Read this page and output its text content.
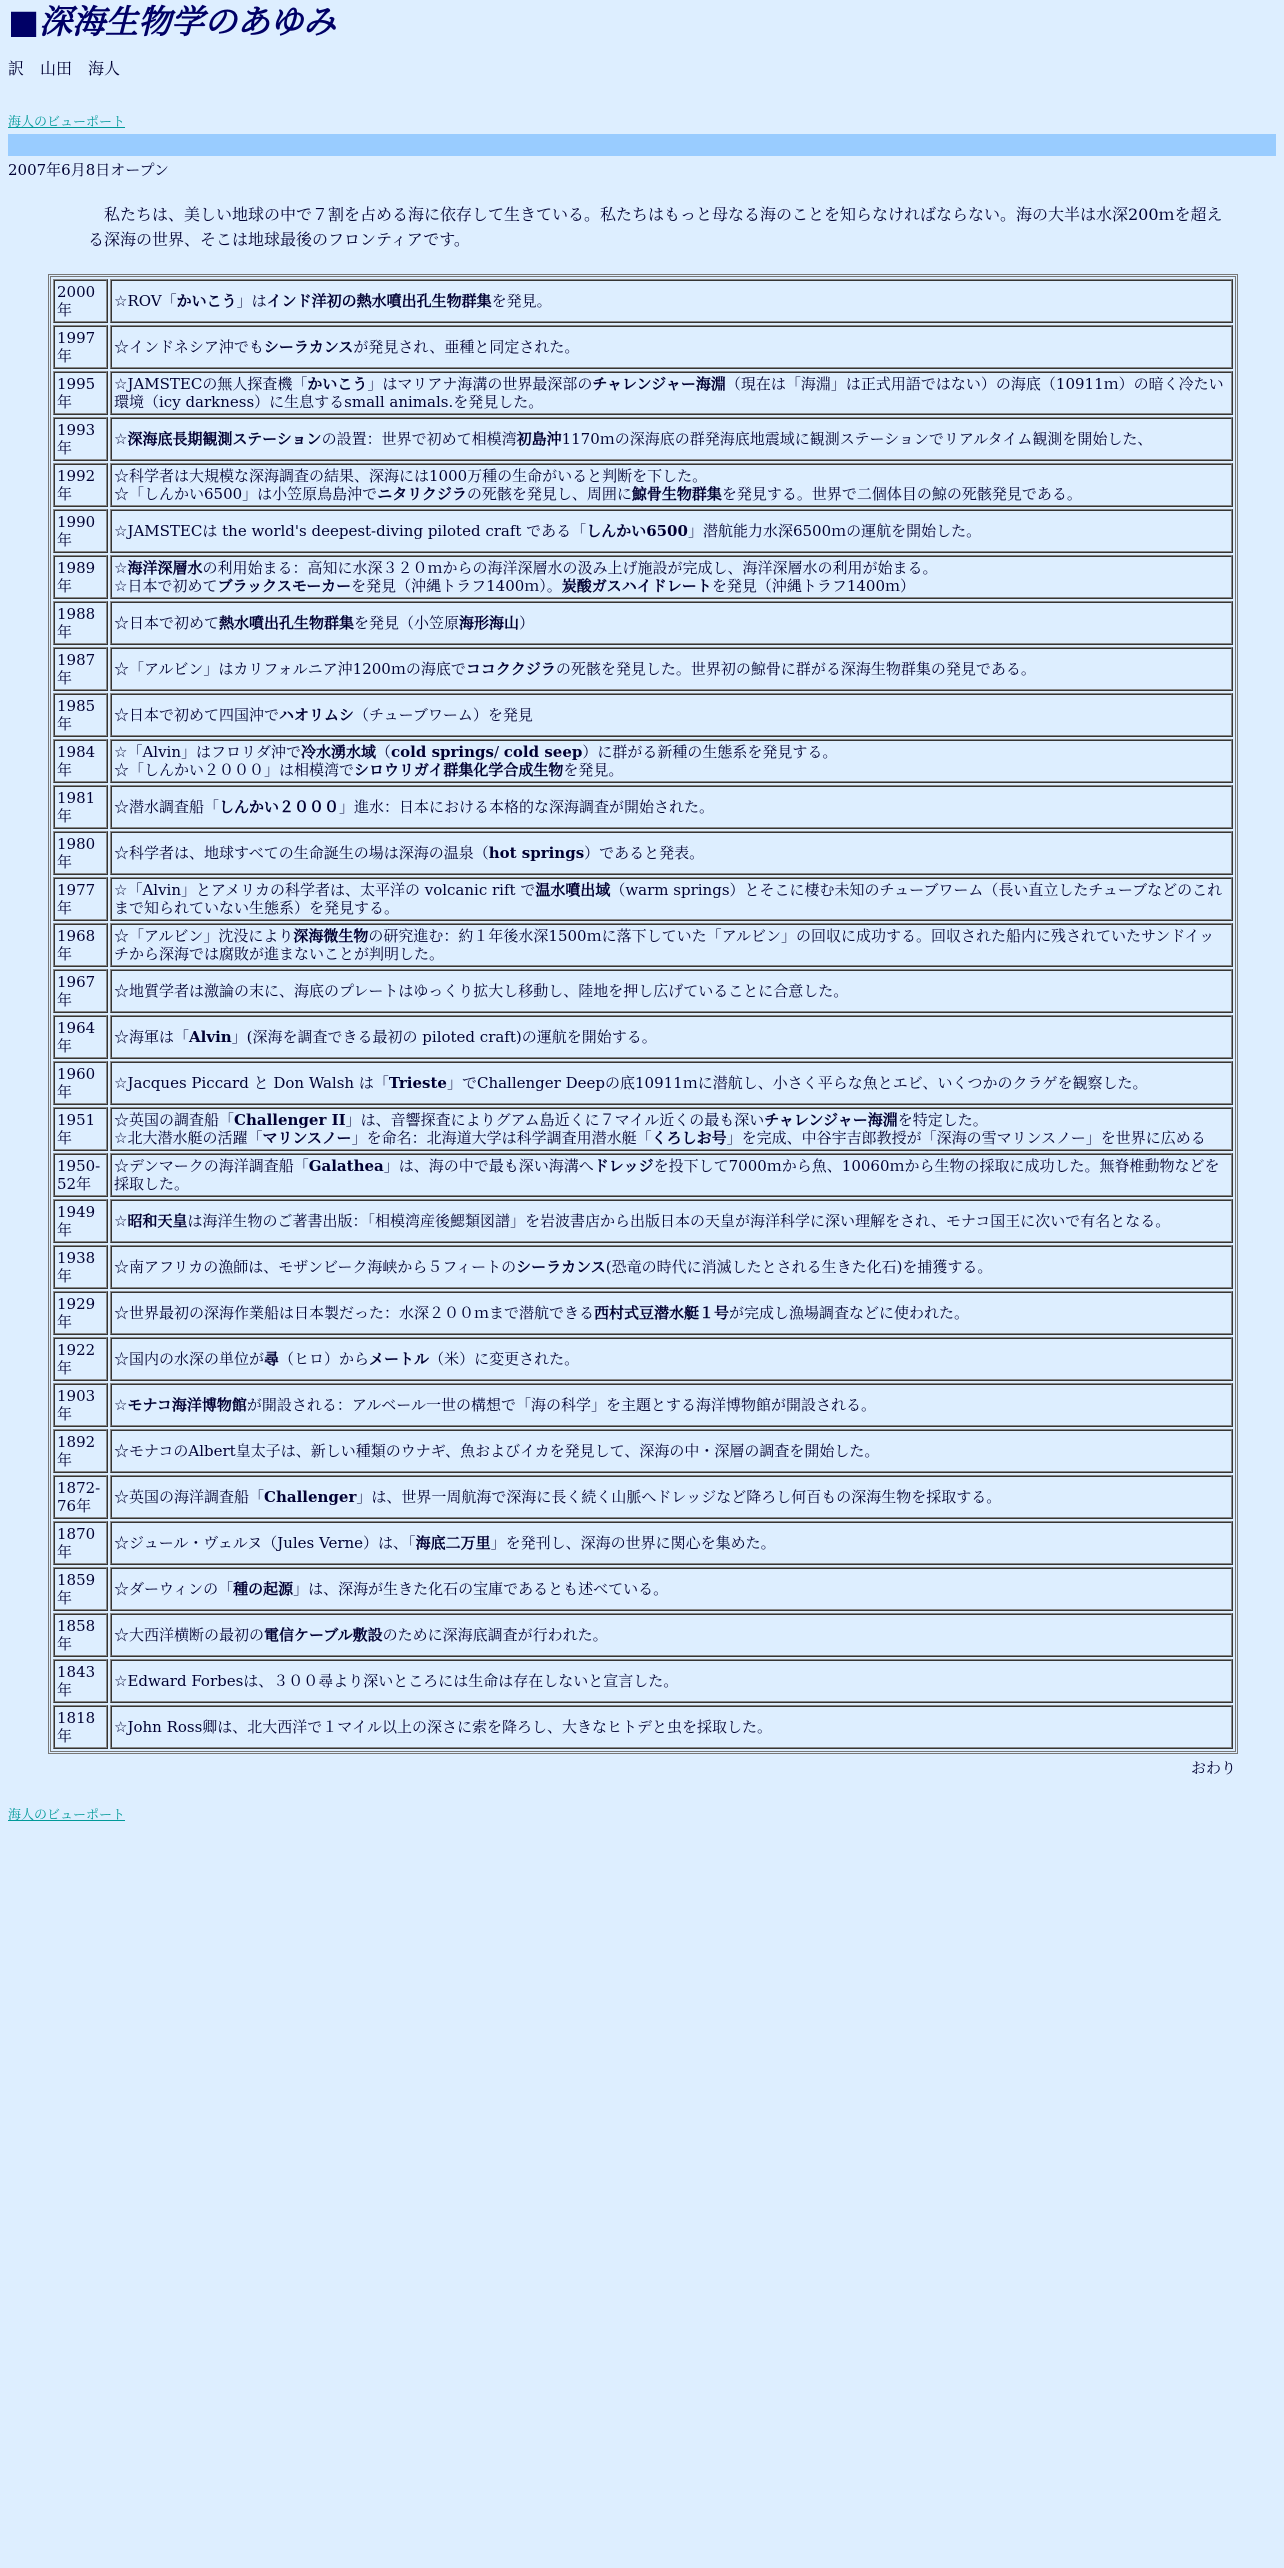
■深海生物学のあゆみ
訳　山田　海人
海人のビューポート
2007年6月8日オープン

私たちは、美しい地球の中で７割を占める海に依存して生きている。私たちはもっと母なる海のことを知らなければならない。海の大半は水深200ｍを超える深海の世界、そこは地球最後のフロンティアです。

2000年	☆ROV「かいこう」はインド洋初の熱水噴出孔生物群集を発見。
1997年	☆インドネシア沖でもシーラカンスが発見され、亜種と同定された。
1995年	☆JAMSTECの無人探査機「かいこう」はマリアナ海溝の世界最深部のチャレンジャー海淵（現在は「海淵」は正式用語ではない）の海底（10911ｍ）の暗く冷たい環境（icy darkness）に生息するsmall animals.を発見した。
1993年	☆深海底長期観測ステーションの設置：世界で初めて相模湾初島沖1170ｍの深海底の群発海底地震域に観測ステーションでリアルタイム観測を開始した、
1992年	☆科学者は大規模な深海調査の結果、深海には1000万種の生命がいると判断を下した。
☆「しんかい6500」は小笠原鳥島沖でニタリクジラの死骸を発見し、周囲に鯨骨生物群集を発見する。世界で二個体目の鯨の死骸発見である。
1990年	☆JAMSTECは the world's deepest-diving piloted craft である「しんかい6500」潜航能力水深6500ｍの運航を開始した。
1989年	☆海洋深層水の利用始まる：高知に水深３２０ｍからの海洋深層水の汲み上げ施設が完成し、海洋深層水の利用が始まる。
☆日本で初めてブラックスモーカーを発見（沖縄トラフ1400ｍ）。炭酸ガスハイドレートを発見（沖縄トラフ1400ｍ）
1988年	☆日本で初めて熱水噴出孔生物群集を発見（小笠原海形海山）
1987年	☆「アルビン」はカリフォルニア沖1200ｍの海底でココククジラの死骸を発見した。世界初の鯨骨に群がる深海生物群集の発見である。
1985年	☆日本で初めて四国沖でハオリムシ（チューブワーム）を発見
1984年	☆「Alvin」はフロリダ沖で冷水湧水域（cold springs/ cold seep）に群がる新種の生態系を発見する。
☆「しんかい２０００」は相模湾でシロウリガイ群集化学合成生物を発見。
1981年	☆潜水調査船「しんかい２０００」進水：日本における本格的な深海調査が開始された。
1980年	☆科学者は、地球すべての生命誕生の場は深海の温泉（hot springs）であると発表。
1977年	☆「Alvin」とアメリカの科学者は、太平洋の volcanic rift で温水噴出域（warm springs）とそこに棲む未知のチューブワーム（長い直立したチューブなどのこれまで知られていない生態系）を発見する。
1968年	☆「アルビン」沈没により深海微生物の研究進む：約１年後水深1500ｍに落下していた「アルビン」の回収に成功する。回収された船内に残されていたサンドイッチから深海では腐敗が進まないことが判明した。
1967年	☆地質学者は激論の末に、海底のプレートはゆっくり拡大し移動し、陸地を押し広げていることに合意した。
1964年	☆海軍は「Alvin」(深海を調査できる最初の piloted craft)の運航を開始する。
1960年	☆Jacques Piccard と Don Walsh は「Trieste」でChallenger Deepの底10911ｍに潜航し、小さく平らな魚とエビ、いくつかのクラゲを観察した。
1951年	☆英国の調査船「Challenger II」は、音響探査によりグアム島近くに７マイル近くの最も深いチャレンジャー海淵を特定した。
☆北大潜水艇の活躍「マリンスノー」を命名：北海道大学は科学調査用潜水艇「くろしお号」を完成、中谷宇吉郎教授が「深海の雪マリンスノー」を世界に広める
1950-52年	☆デンマークの海洋調査船「Galathea」は、海の中で最も深い海溝へドレッジを投下して7000ｍから魚、10060ｍから生物の採取に成功した。無脊椎動物などを採取した。
1949年	☆昭和天皇は海洋生物のご著書出版：「相模湾産後鰓類図譜」を岩波書店から出版日本の天皇が海洋科学に深い理解をされ、モナコ国王に次いで有名となる。
1938年	☆南アフリカの漁師は、モザンビーク海峡から５フィートのシーラカンス(恐竜の時代に消滅したとされる生きた化石)を捕獲する。
1929年	☆世界最初の深海作業船は日本製だった：水深２００ｍまで潜航できる西村式豆潜水艇１号が完成し漁場調査などに使われた。
1922年	☆国内の水深の単位が尋（ヒロ）からメートル（米）に変更された。
1903年	☆モナコ海洋博物館が開設される：アルベール一世の構想で「海の科学」を主題とする海洋博物館が開設される。
1892年	☆モナコのAlbert皇太子は、新しい種類のウナギ、魚およびイカを発見して、深海の中・深層の調査を開始した。
1872-76年	☆英国の海洋調査船「Challenger」は、世界一周航海で深海に長く続く山脈へドレッジなど降ろし何百もの深海生物を採取する。
1870年	☆ジュール・ヴェルヌ（Jules Verne）は、「海底二万里」を発刊し、深海の世界に関心を集めた。
1859年	☆ダーウィンの「種の起源」は、深海が生きた化石の宝庫であるとも述べている。
1858年	☆大西洋横断の最初の電信ケーブル敷設のために深海底調査が行われた。
1843年	☆Edward Forbesは、３００尋より深いところには生命は存在しないと宣言した。
1818年	☆John Ross卿は、北大西洋で１マイル以上の深さに索を降ろし、大きなヒトデと虫を採取した。
おわり
海人のビューポート
